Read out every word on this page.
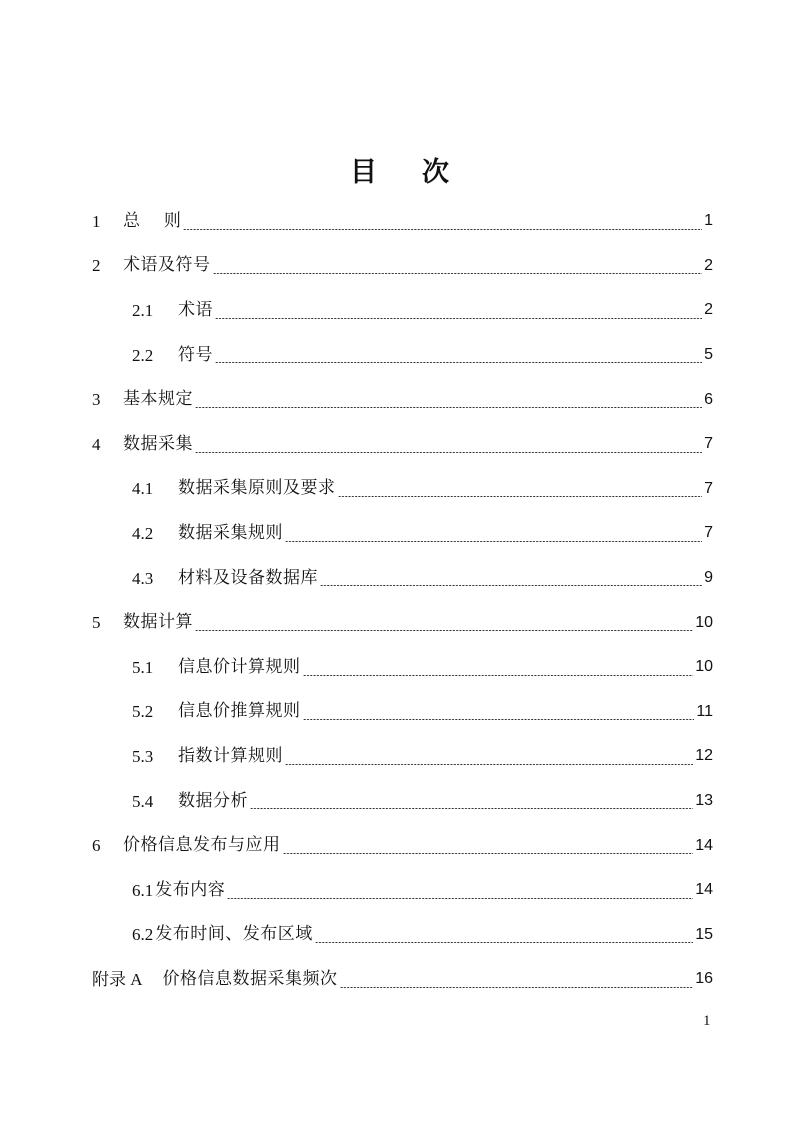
目 次
1	总　 则	1
2	术语及符号	2
2.1	术语	2
2.2	符号	5
3	基本规定	6
4	数据采集	7
4.1	数据采集原则及要求	7
4.2	数据采集规则	7
4.3	材料及设备数据库	9
5	数据计算	10
5.1	信息价计算规则	10
5.2	信息价推算规则	11
5.3	指数计算规则	12
5.4	数据分析	13
6	价格信息发布与应用	14
6.1 发布内容	14
6.2 发布时间、发布区域	15
附录 A 价格信息数据采集频次	16
1
